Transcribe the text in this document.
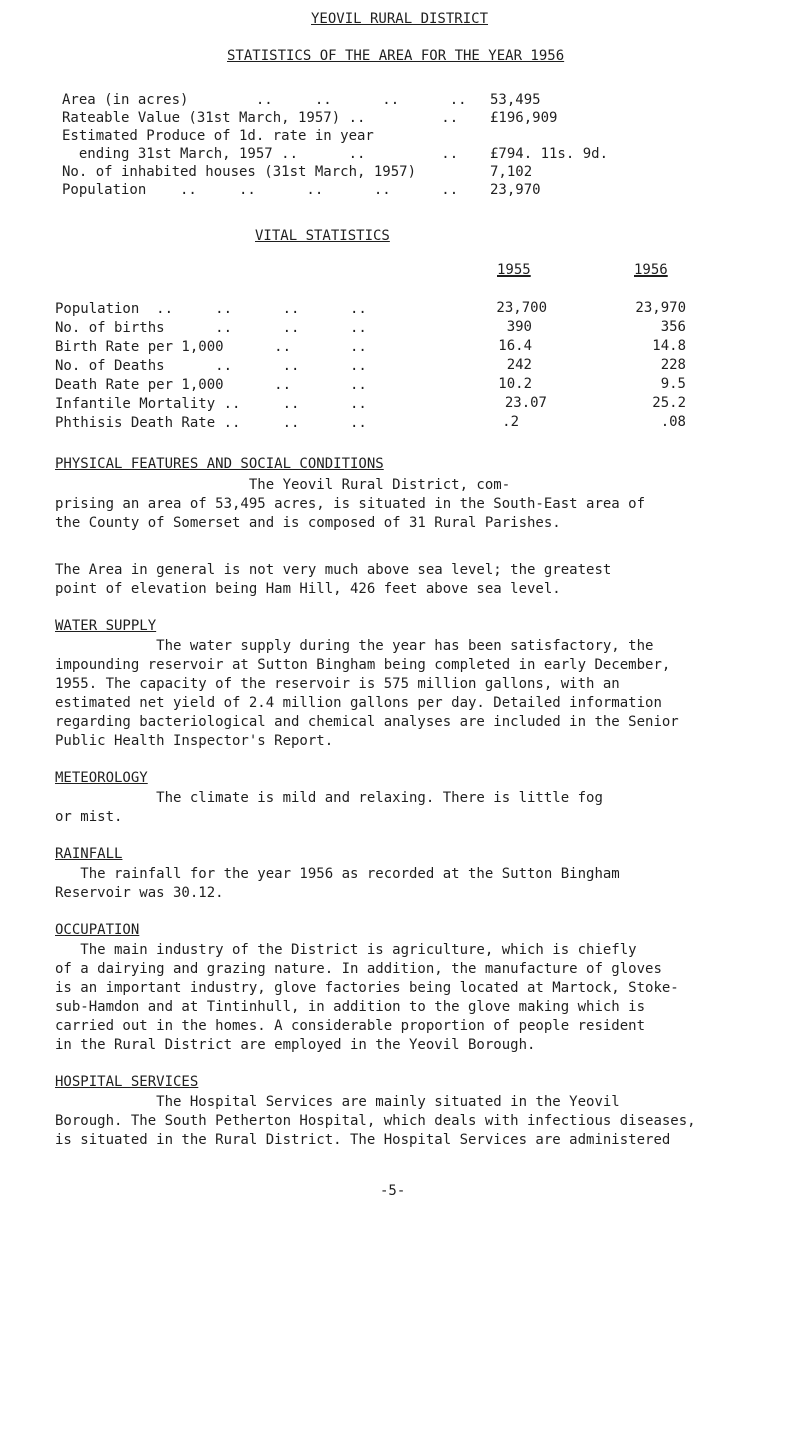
YEOVIL RURAL DISTRICT
STATISTICS OF THE AREA FOR THE YEAR 1956
Area (in acres)        ..     ..      ..      .. 53,495
Rateable Value (31st March, 1957) ..         .. £196,909
Estimated Produce of 1d. rate in year
ending 31st March, 1957 ..      ..         .. £794. 11s. 9d.
No. of inhabited houses (31st March, 1957)	7,102
Population    ..     ..      ..      ..      .. 23,970
VITAL STATISTICS
1955	1956
Population  ..     ..      ..      ..	23,700	23,970
No. of births      ..      ..      ..	390	356
Birth Rate per 1,000      ..       ..	16.4	14.8
No. of Deaths      ..      ..      ..	242	228
Death Rate per 1,000      ..       ..	10.2	9.5
Infantile Mortality ..     ..      ..	23.07	25.2
Phthisis Death Rate ..     ..      ..	.2	.08
PHYSICAL FEATURES AND SOCIAL CONDITIONS
The Yeovil Rural District, com-
prising an area of 53,495 acres, is situated in the South-East area of
the County of Somerset and is composed of 31 Rural Parishes.
The Area in general is not very much above sea level; the greatest
point of elevation being Ham Hill, 426 feet above sea level.
WATER SUPPLY
The water supply during the year has been satisfactory, the
impounding reservoir at Sutton Bingham being completed in early December,
1955. The capacity of the reservoir is 575 million gallons, with an
estimated net yield of 2.4 million gallons per day. Detailed information
regarding bacteriological and chemical analyses are included in the Senior
Public Health Inspector's Report.
METEOROLOGY
The climate is mild and relaxing. There is little fog
or mist.
RAINFALL
The rainfall for the year 1956 as recorded at the Sutton Bingham
Reservoir was 30.12.
OCCUPATION
The main industry of the District is agriculture, which is chiefly
of a dairying and grazing nature. In addition, the manufacture of gloves
is an important industry, glove factories being located at Martock, Stoke-
sub-Hamdon and at Tintinhull, in addition to the glove making which is
carried out in the homes. A considerable proportion of people resident
in the Rural District are employed in the Yeovil Borough.
HOSPITAL SERVICES
The Hospital Services are mainly situated in the Yeovil
Borough. The South Petherton Hospital, which deals with infectious diseases,
is situated in the Rural District. The Hospital Services are administered
-5-
